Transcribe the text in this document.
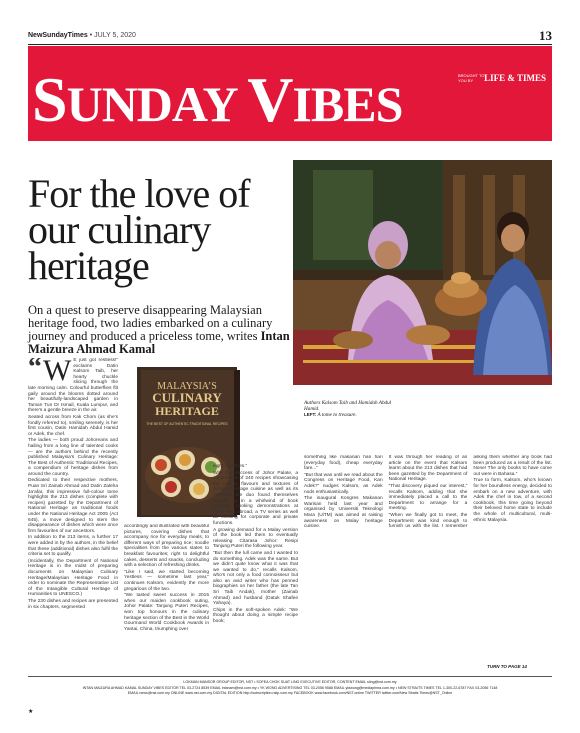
NewSundayTimes • JULY 5, 2020	13
SUNDAY VIBES
BROUGHT TO YOU BY	LIFE & TIMES
For the love of our culinary heritage

On a quest to preserve disappearing Malaysian heritage food, two ladies embarked on a culinary journey and produced a priceless tome, writes Intan Maizura Ahmad Kamal

“ W E just got restless!” exclaims Datin Kalsom Taib, her hearty chuckle slicing through the late morning calm. Colourful butterflies flit gaily around the blooms dotted around her beautifully-landscaped garden in Taman Tun Dr Ismail, Kuala Lumpur, and there’s a gentle breeze in the air.

Seated across from Kak Chom (as she’s fondly referred to), smiling serenely, is her first cousin, Datin Hamidah Abdul Hamid or Adek, the chef.

The ladies — both proud Johoreans and hailing from a long line of talented cooks — are the authors behind the recently published Malaysia’s Culinary Heritage: The Best of Authentic Traditional Recipes, a compendium of heritage dishes from around the country.

Dedicated to their respective mothers, Puan Sri Zainab Ahmad and Datin Zaleha Ja’afar, this impressive full-colour tome highlights the 213 dishes (complete with recipes) gazetted by the Department of National Heritage as traditional foods under the National Heritage Act 2005 (Act 645), a move designed to stem the disappearance of dishes which were once firm favourites of our ancestors.

In addition to the 213 items, a further 17 were added in by the authors, in the belief that these (additional) dishes also fulfil the criteria set to qualify.

(Incidentally, the Department of National Heritage is in the midst of preparing documents on Malaysian Culinary Heritage/Malaysian Heritage Food in order to nominate the Representative List of the Intangible Cultural Heritage of Humanities to UNESCO.)

The 230 dishes and recipes are presented in six chapters, segmented

MALAYSIA’S
CULINARY
HERITAGE
THE BEST OF AUTHENTIC TRADITIONAL RECIPES

accordingly and illustrated with beautiful pictures, covering dishes that accompany rice for everyday meals, to different ways of preparing rice; noodle specialities from the various states to breakfast favourites; right to delightful cakes, desserts and snacks, concluding with a selection of refreshing drinks.

“Like I said, we started becoming ‘restless — sometime last year,” continues Kalsom, evidently the more gregarious of the two.

“We tasted sweet success in 2015 when our maiden cookbook outing, Johor Palate: Tanjung Puteri Recipes, won top honours in the culinary heritage section of the Best in the World Gourmand World Cookbook Awards in Yantai, China, triumphing over

Authors Kalsom Taib and Hamidah Abdul Hamid.
LEFT: A tome to treasure.

eight countries.”

With the success of Johor Palate, a compilation of 240 recipes showcasing the unique flavours and textures of Johor’s heritage cuisine as well as its diversity, the duo found themselves caught up in a whirlwind of book signings, cooking demonstrations at home and abroad, a TV series as well as cooking for corporate and private functions.

A growing demand for a Malay version of the book led them to eventually releasing Citarasa Johor: Resipi Tanjung Puteri the following year.

“But then the lull came and I wanted to do something. Adek was the same. But we didn’t quite know what it was that we wanted to do,” recalls Kalsom, who’s not only a food connoisseur but also an avid writer who has penned biographies on her father (the late Tan Sri Taib Andak), mother (Zainab Ahmad) and husband (Datuk Shafee Yahaya).

Chips in the soft-spoken Adek: “We thought about doing a simple recipe book;

something like makanan hari hari (everyday food), cheap everyday fare...”

“But that was until we read about the Congress on Heritage Food, Kan Adek?” nudges Kalsom, as Adek nods enthusiastically.

The inaugural Kongres Makanan Warisan held last year and organised by Universiti Teknologi Mara (UiTM) was aimed at raising awareness on Malay heritage cuisine.

It was through her reading of an article on the event that Kalsom learnt about the 213 dishes that had been gazetted by the Department of National Heritage.

“That discovery piqued our interest,” recalls Kalsom, adding that she immediately placed a call to the Department to arrange for a meeting.

“When we finally got to meet, the Department was kind enough to furnish us with the list. I remember asking them whether any book had been produced as a result of the list. None! The only books to have come out were in Bahasa.”

True to form, Kalsom, who’s known for her boundless energy, decided to embark on a new adventure, with Adek the chef in tow, of a second cookbook, this time going beyond their beloved home state to include the whole of multicultural, multi-ethnic Malaysia.

TURN TO PAGE 14
LOKMAN MANSOR GROUP EDITOR, NST • SOFEA CHOK SUAT LING EXECUTIVE EDITOR, CONTENT EMAIL sling@nst.com.my
INTAN MAIZURA AHMAD KAMAL SUNDAY VIBES EDITOR TEL 03-2724 8539 EMAIL intanam@nst.com.my • YK WONG ADVERTISING TEL 03-2056 9588 EMAIL yktwong@mediaprima.com.my • NEW STRAITS TIMES TEL 1-300-22-6787 FAX 03-2056 7148
EMAIL news@nst.com.my ONLINE www.nst.com.my DIGITAL EDITION http://subscription.nstp.com.my FACEBOOK www.facebook.com/NST.online TWITTER twitter.com/New Straits Times@NST_Online
★
